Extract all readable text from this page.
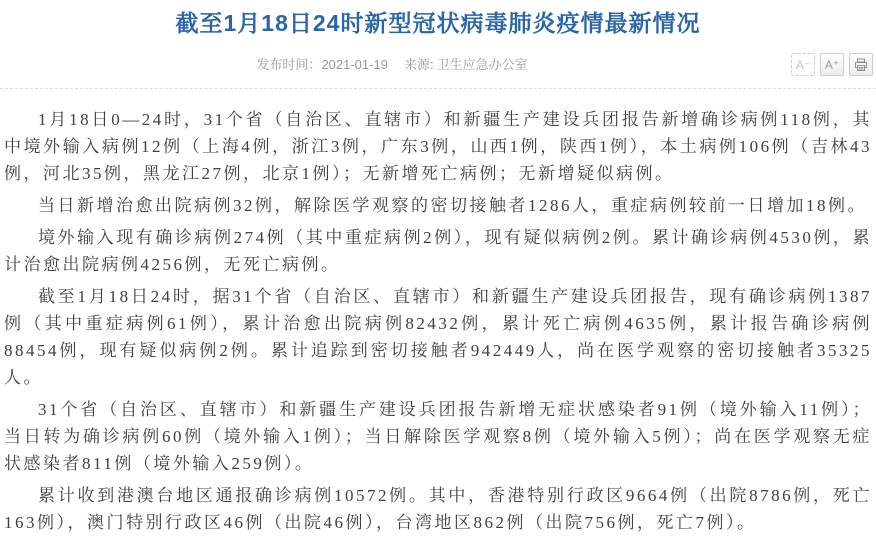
截至1月18日24时新型冠状病毒肺炎疫情最新情况
发布时间：2021-01-19 来源: 卫生应急办公室	A⁻	A⁺

1月18日0—24时，31个省（自治区、直辖市）和新疆生产建设兵团报告新增确诊病例118例，其中境外输入病例12例（上海4例，浙江3例，广东3例，山西1例，陕西1例），本土病例106例（吉林43例，河北35例，黑龙江27例，北京1例）；无新增死亡病例；无新增疑似病例。

当日新增治愈出院病例32例，解除医学观察的密切接触者1286人，重症病例较前一日增加18例。

境外输入现有确诊病例274例（其中重症病例2例），现有疑似病例2例。累计确诊病例4530例，累计治愈出院病例4256例，无死亡病例。

截至1月18日24时，据31个省（自治区、直辖市）和新疆生产建设兵团报告，现有确诊病例1387例（其中重症病例61例），累计治愈出院病例82432例，累计死亡病例4635例，累计报告确诊病例88454例，现有疑似病例2例。累计追踪到密切接触者942449人，尚在医学观察的密切接触者35325人。

31个省（自治区、直辖市）和新疆生产建设兵团报告新增无症状感染者91例（境外输入11例）；当日转为确诊病例60例（境外输入1例）；当日解除医学观察8例（境外输入5例）；尚在医学观察无症状感染者811例（境外输入259例）。

累计收到港澳台地区通报确诊病例10572例。其中，香港特别行政区9664例（出院8786例，死亡163例），澳门特别行政区46例（出院46例），台湾地区862例（出院756例，死亡7例）。
